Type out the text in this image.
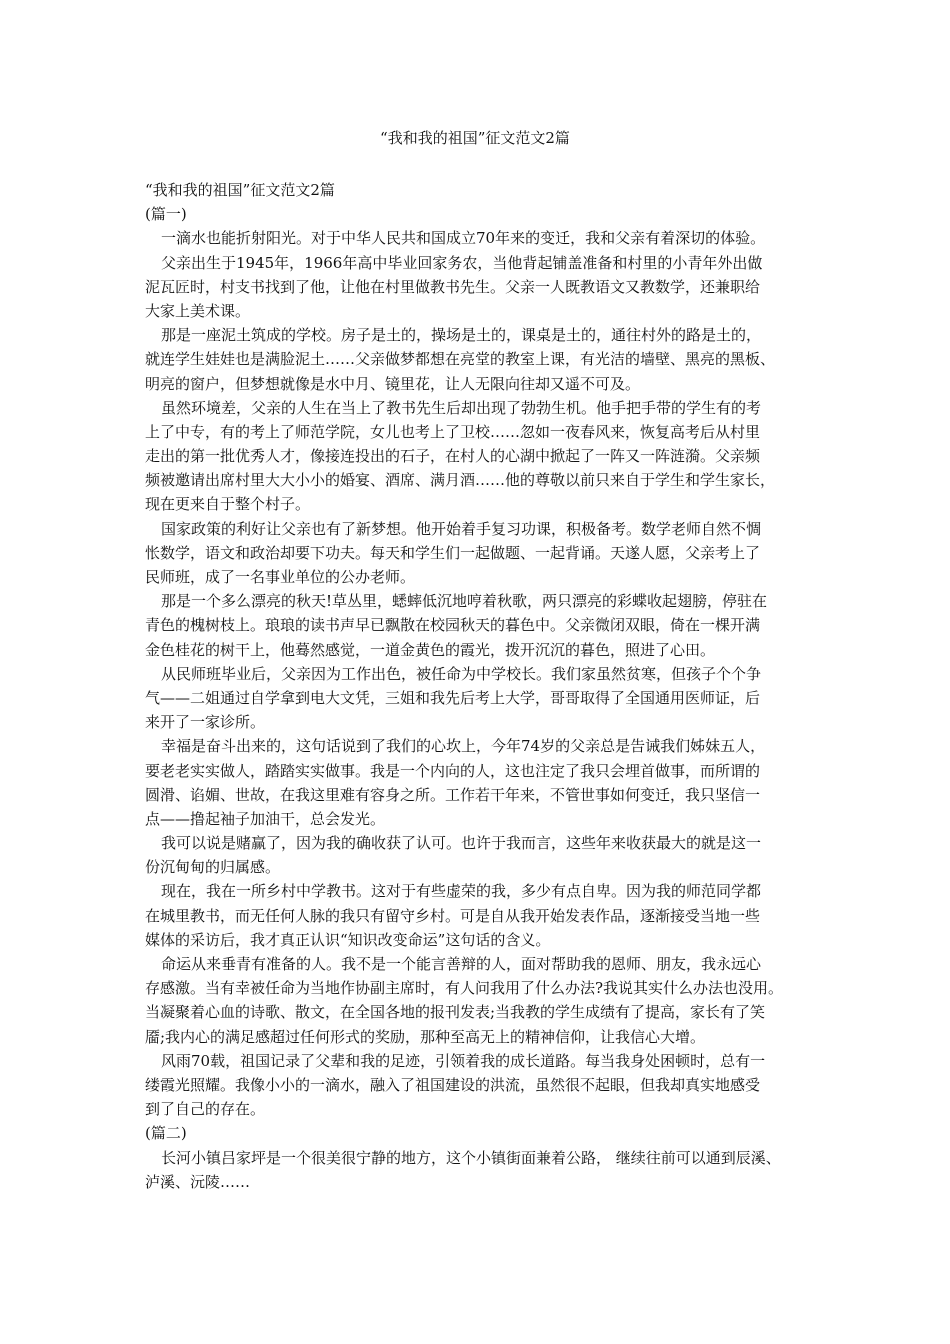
“我和我的祖国”征文范文2篇
“我和我的祖国”征文范文2篇
(篇一)
一滴水也能折射阳光。对于中华人民共和国成立70年来的变迁，我和父亲有着深切的体验。
父亲出生于1945年，1966年高中毕业回家务农，当他背起铺盖准备和村里的小青年外出做
泥瓦匠时，村支书找到了他，让他在村里做教书先生。父亲一人既教语文又教数学，还兼职给
大家上美术课。
那是一座泥土筑成的学校。房子是土的，操场是土的，课桌是土的，通往村外的路是土的，
就连学生娃娃也是满脸泥土……父亲做梦都想在亮堂的教室上课，有光洁的墙壁、黑亮的黑板、
明亮的窗户，但梦想就像是水中月、镜里花，让人无限向往却又遥不可及。
虽然环境差，父亲的人生在当上了教书先生后却出现了勃勃生机。他手把手带的学生有的考
上了中专，有的考上了师范学院，女儿也考上了卫校……忽如一夜春风来，恢复高考后从村里
走出的第一批优秀人才，像接连投出的石子，在村人的心湖中掀起了一阵又一阵涟漪。父亲频
频被邀请出席村里大大小小的婚宴、酒席、满月酒……他的尊敬以前只来自于学生和学生家长，
现在更来自于整个村子。
国家政策的利好让父亲也有了新梦想。他开始着手复习功课，积极备考。数学老师自然不惆
怅数学，语文和政治却要下功夫。每天和学生们一起做题、一起背诵。天遂人愿，父亲考上了
民师班，成了一名事业单位的公办老师。
那是一个多么漂亮的秋天!草丛里，蟋蟀低沉地哼着秋歌，两只漂亮的彩蝶收起翅膀，停驻在
青色的槐树枝上。琅琅的读书声早已飘散在校园秋天的暮色中。父亲微闭双眼，倚在一棵开满
金色桂花的树干上，他蓦然感觉，一道金黄色的霞光，拨开沉沉的暮色，照进了心田。
从民师班毕业后，父亲因为工作出色，被任命为中学校长。我们家虽然贫寒，但孩子个个争
气——二姐通过自学拿到电大文凭，三姐和我先后考上大学，哥哥取得了全国通用医师证，后
来开了一家诊所。
幸福是奋斗出来的，这句话说到了我们的心坎上，今年74岁的父亲总是告诫我们姊妹五人，
要老老实实做人，踏踏实实做事。我是一个内向的人，这也注定了我只会埋首做事，而所谓的
圆滑、谄媚、世故，在我这里难有容身之所。工作若干年来，不管世事如何变迁，我只坚信一
点——撸起袖子加油干，总会发光。
我可以说是赌赢了，因为我的确收获了认可。也许于我而言，这些年来收获最大的就是这一
份沉甸甸的归属感。
现在，我在一所乡村中学教书。这对于有些虚荣的我，多少有点自卑。因为我的师范同学都
在城里教书，而无任何人脉的我只有留守乡村。可是自从我开始发表作品，逐渐接受当地一些
媒体的采访后，我才真正认识“知识改变命运”这句话的含义。
命运从来垂青有准备的人。我不是一个能言善辩的人，面对帮助我的恩师、朋友，我永远心
存感激。当有幸被任命为当地作协副主席时，有人问我用了什么办法?我说其实什么办法也没用。
当凝聚着心血的诗歌、散文，在全国各地的报刊发表;当我教的学生成绩有了提高，家长有了笑
靥;我内心的满足感超过任何形式的奖励，那种至高无上的精神信仰，让我信心大增。
风雨70载，祖国记录了父辈和我的足迹，引领着我的成长道路。每当我身处困顿时，总有一
缕霞光照耀。我像小小的一滴水，融入了祖国建设的洪流，虽然很不起眼，但我却真实地感受
到了自己的存在。
(篇二)
长河小镇吕家坪是一个很美很宁静的地方，这个小镇街面兼着公路， 继续往前可以通到辰溪、
泸溪、沅陵……
